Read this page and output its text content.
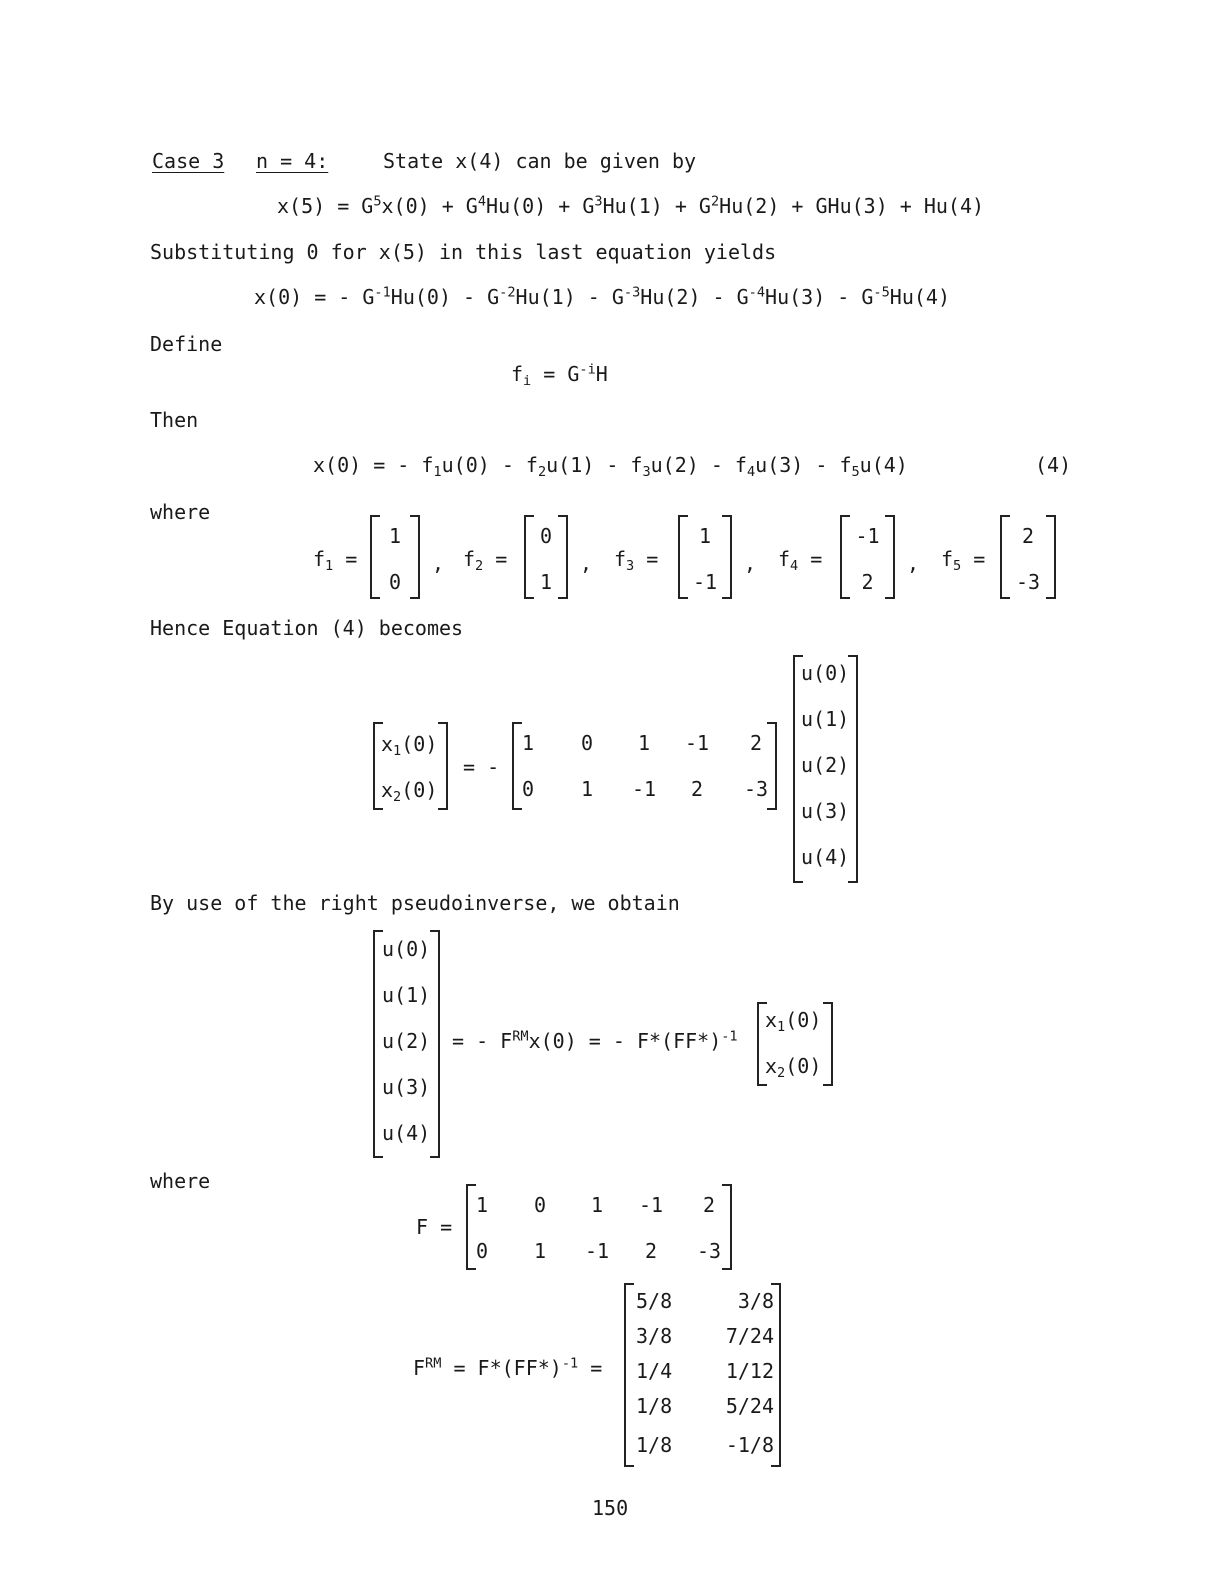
Case 3 n = 4:	State x(4) can be given by
$x(5) = G^5x(0) + G^4Hu(0) + G^3Hu(1) + G^2Hu(2) + GHu(3) + Hu(4)$
Substituting 0 for x(5) in this last equation yields
x(0) = - $G^{-1}Hu(0) - G^{-2}Hu(1) - G^{-3}Hu(2) - G^{-4}Hu(3) - G^{-5}Hu(4)$
Define
$f_i = G^{-i}H$
Then
x(0) = - $f_1u(0) - f_2u(1) - f_3u(2) - f_4u(3) - f_5u(4)$	(4)
where
$f_1$ =
1
0
, $f_2$ =
0
1
, $f_3$ =
1
-1
, $f_4$ =
-1
2
, $f_5$ =
2
-3
Hence Equation (4) becomes
$x_1(0)$
$x_2(0)$
= -
1	0	1	-1	2
0	1	-1	2	-3
u(0)
u(1)
u(2)
u(3)
u(4)
By use of the right pseudoinverse, we obtain
u(0)
u(1)
u(2)
u(3)
u(4)
= - $F^{RM}x(0)$ = - $F*(FF*)^{-1}$
$x_1(0)$
$x_2(0)$
where
F =
1	0	1	-1	2
0	1	-1	2	-3
$F^{RM} = F*(FF*)^{-1}$ =
5/8	3/8
3/8	7/24
1/4	1/12
1/8	5/24
1/8	-1/8
150
